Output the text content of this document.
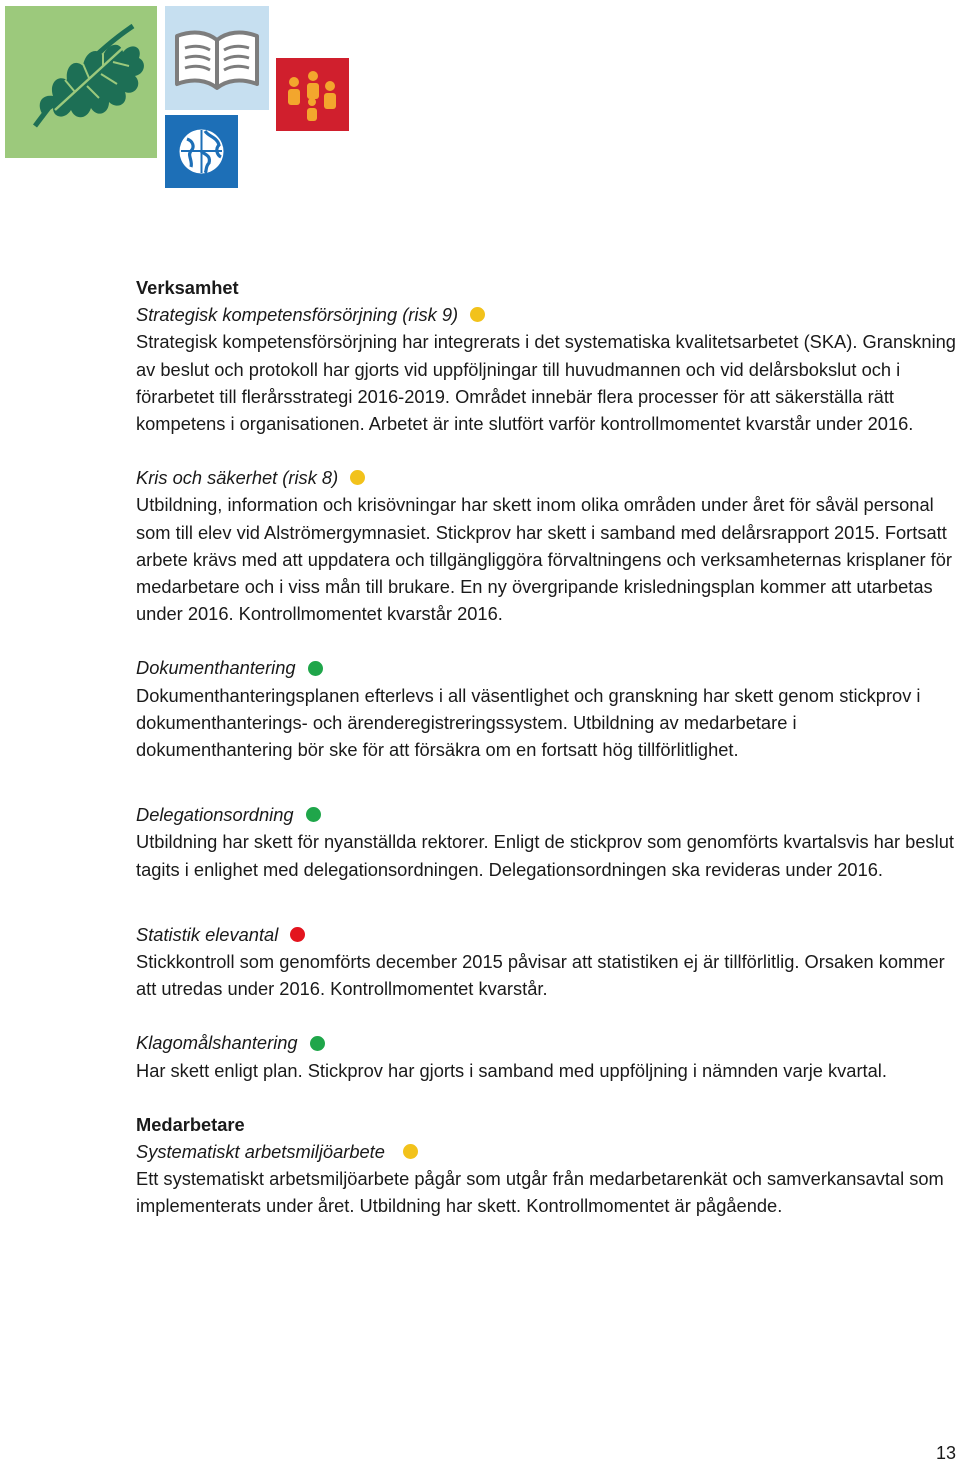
Verksamhet

Strategisk kompetensförsörjning (risk 9)

Strategisk kompetensförsörjning har integrerats i det systematiska kvalitetsarbetet (SKA). Granskning av beslut och protokoll har gjorts vid uppföljningar till huvudmannen och vid delårsbokslut och i förarbetet till flerårsstrategi 2016-2019. Området innebär flera processer för att säkerställa rätt kompetens i organisationen. Arbetet är inte slutfört varför kontrollmomentet kvarstår under 2016.

Kris och säkerhet (risk 8)

Utbildning, information och krisövningar har skett inom olika områden under året för såväl personal som till elev vid Alströmergymnasiet. Stickprov har skett i samband med delårsrapport 2015. Fortsatt arbete krävs med att uppdatera och tillgängliggöra förvaltningens och verksamheternas krisplaner för medarbetare och i viss mån till brukare. En ny övergripande krisledningsplan kommer att utarbetas under 2016. Kontrollmomentet kvarstår 2016.

Dokumenthantering

Dokumenthanteringsplanen efterlevs i all väsentlighet och granskning har skett genom stickprov i dokumenthanterings- och ärenderegistreringssystem. Utbildning av medarbetare i dokumenthantering bör ske för att försäkra om en fortsatt hög tillförlitlighet.

Delegationsordning

Utbildning har skett för nyanställda rektorer. Enligt de stickprov som genomförts kvartalsvis har beslut tagits i enlighet med delegationsordningen. Delegationsordningen ska revideras under 2016.

Statistik elevantal

Stickkontroll som genomförts december 2015 påvisar att statistiken ej är tillförlitlig. Orsaken kommer att utredas under 2016. Kontrollmomentet kvarstår.

Klagomålshantering

Har skett enligt plan. Stickprov har gjorts i samband med uppföljning i nämnden varje kvartal.

Medarbetare

Systematiskt arbetsmiljöarbete

Ett systematiskt arbetsmiljöarbete pågår som utgår från medarbetarenkät och samverkansavtal som implementerats under året. Utbildning har skett. Kontrollmomentet är pågående.

13
